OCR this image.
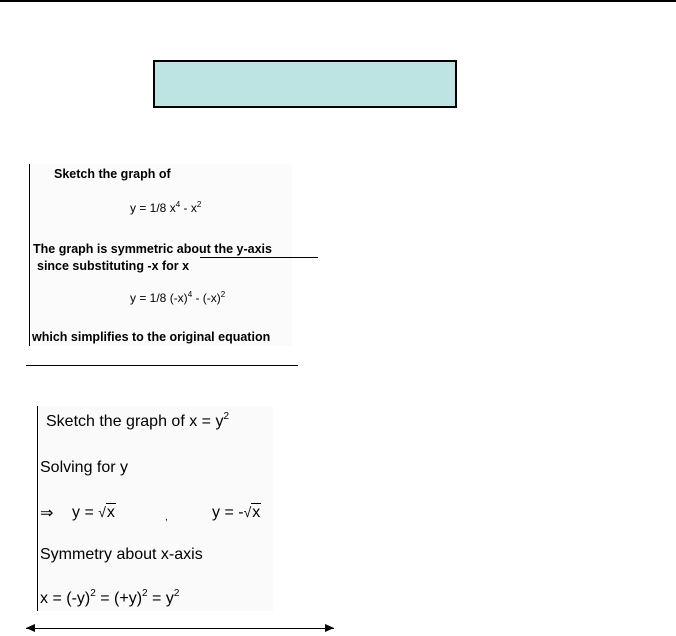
Sketch the graph of
y = 1/8 $x^4 - x^2$
The graph is symmetric about the y-axis
since substituting -x for x
y = 1/8 $(-x)^4 - (-x)^2$
which simplifies to the original equation
Sketch the graph of $x = y^2$
Solving for y
⇒ y = √x	,	y = -√x
Symmetry about x-axis
$x = (-y)^2 = (+y)^2 = y^2$
